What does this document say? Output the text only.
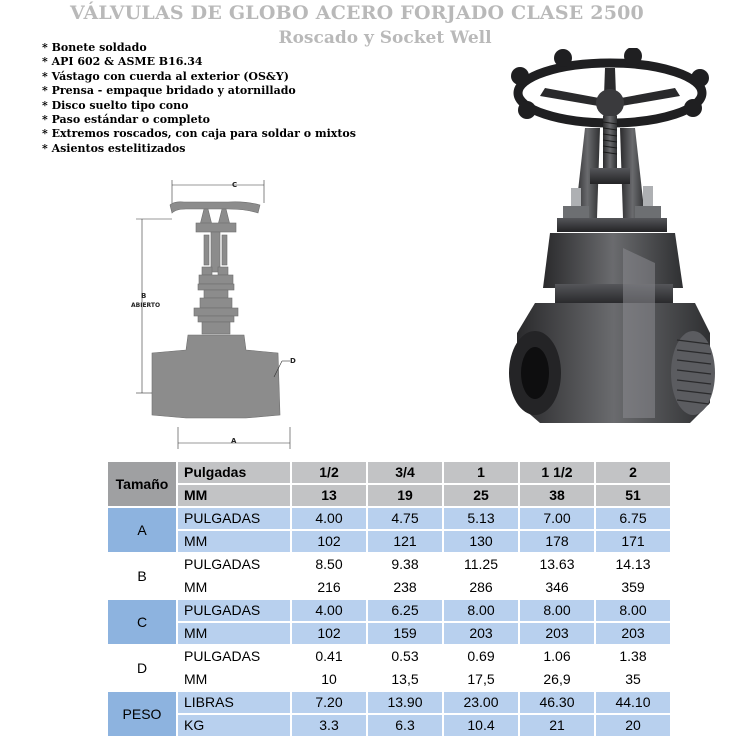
VÁLVULAS DE GLOBO ACERO FORJADO CLASE 2500
Roscado y Socket Well
* Bonete soldado
* API 602 & ASME B16.34
* Vástago con cuerda al exterior (OS&Y)
* Prensa - empaque bridado y atornillado
* Disco suelto tipo cono
* Paso estándar o completo
* Extremos roscados, con caja para soldar o mixtos
* Asientos estelitizados
C
B
ABIERTO
D
A
Tamaño	Pulgadas	1/2	3/4	1	1 1/2	2
	MM	13	19	25	38	51
A	PULGADAS	4.00	4.75	5.13	7.00	6.75
	MM	102	121	130	178	171
B	PULGADAS	8.50	9.38	11.25	13.63	14.13
	MM	216	238	286	346	359
C	PULGADAS	4.00	6.25	8.00	8.00	8.00
	MM	102	159	203	203	203
D	PULGADAS	0.41	0.53	0.69	1.06	1.38
	MM	10	13,5	17,5	26,9	35
PESO	LIBRAS	7.20	13.90	23.00	46.30	44.10
	KG	3.3	6.3	10.4	21	20
